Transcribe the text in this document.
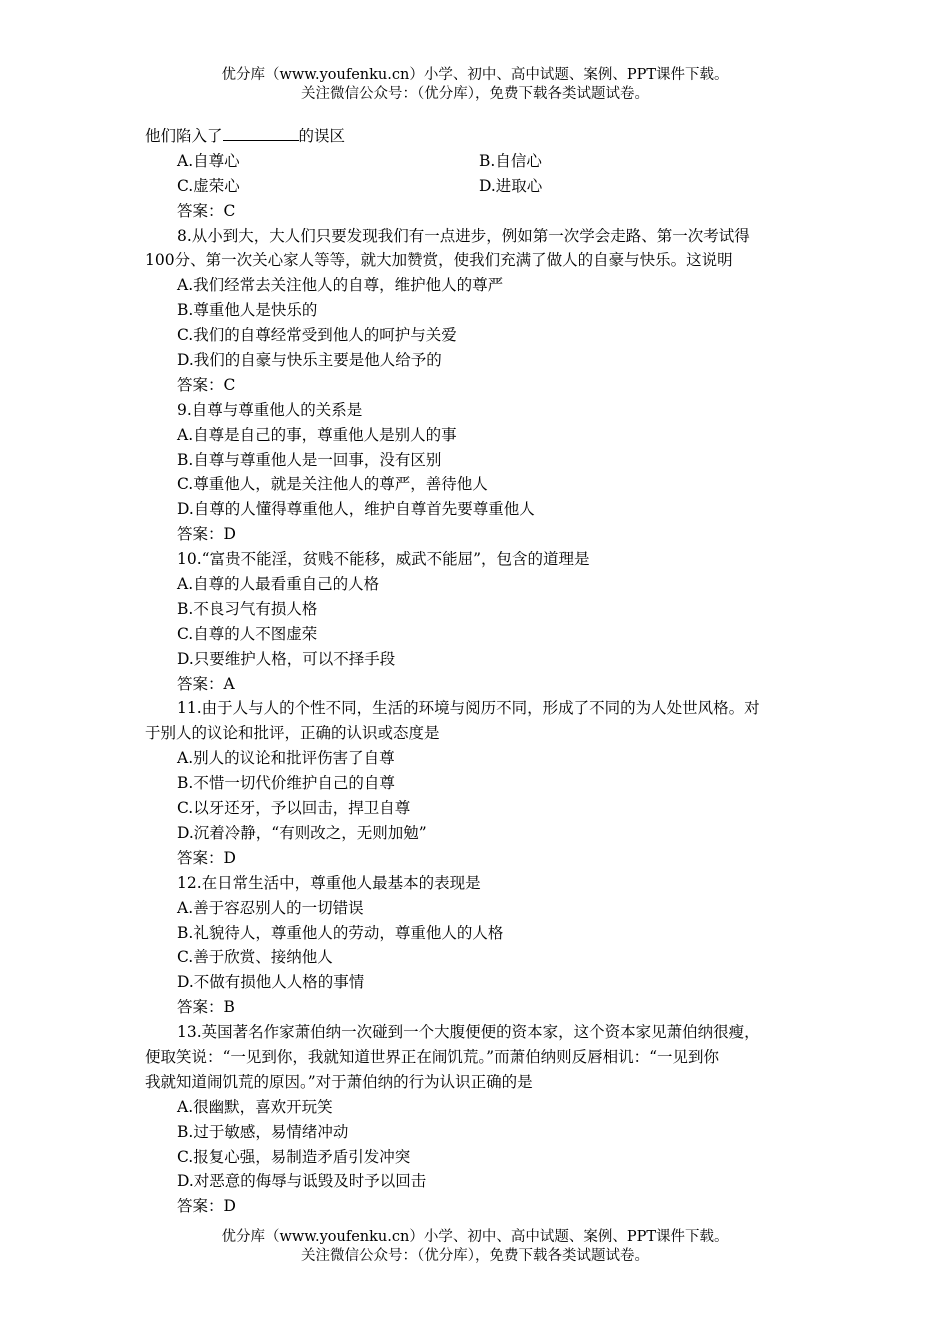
优分库（www.youfenku.cn）小学、初中、高中试题、案例、PPT课件下载。
关注微信公众号：（优分库），免费下载各类试题试卷。
他们陷入了	的误区
A.自尊心	B.自信心
C.虚荣心	D.进取心
答案：C
8.从小到大，大人们只要发现我们有一点进步，例如第一次学会走路、第一次考试得
100分、第一次关心家人等等，就大加赞赏，使我们充满了做人的自豪与快乐。这说明
A.我们经常去关注他人的自尊，维护他人的尊严
B.尊重他人是快乐的
C.我们的自尊经常受到他人的呵护与关爱
D.我们的自豪与快乐主要是他人给予的
答案：C
9.自尊与尊重他人的关系是
A.自尊是自己的事，尊重他人是别人的事
B.自尊与尊重他人是一回事，没有区别
C.尊重他人，就是关注他人的尊严，善待他人
D.自尊的人懂得尊重他人，维护自尊首先要尊重他人
答案：D
10.“富贵不能淫，贫贱不能移，威武不能屈”，包含的道理是
A.自尊的人最看重自己的人格
B.不良习气有损人格
C.自尊的人不图虚荣
D.只要维护人格，可以不择手段
答案：A
11.由于人与人的个性不同，生活的环境与阅历不同，形成了不同的为人处世风格。对
于别人的议论和批评，正确的认识或态度是
A.别人的议论和批评伤害了自尊
B.不惜一切代价维护自己的自尊
C.以牙还牙，予以回击，捍卫自尊
D.沉着冷静，“有则改之，无则加勉”
答案：D
12.在日常生活中，尊重他人最基本的表现是
A.善于容忍别人的一切错误
B.礼貌待人，尊重他人的劳动，尊重他人的人格
C.善于欣赏、接纳他人
D.不做有损他人人格的事情
答案：B
13.英国著名作家萧伯纳一次碰到一个大腹便便的资本家，这个资本家见萧伯纳很瘦，
便取笑说：“一见到你，我就知道世界正在闹饥荒。”而萧伯纳则反唇相讥：“一见到你
我就知道闹饥荒的原因。”对于萧伯纳的行为认识正确的是
A.很幽默，喜欢开玩笑
B.过于敏感，易情绪冲动
C.报复心强，易制造矛盾引发冲突
D.对恶意的侮辱与诋毁及时予以回击
答案：D
优分库（www.youfenku.cn）小学、初中、高中试题、案例、PPT课件下载。
关注微信公众号：（优分库），免费下载各类试题试卷。
